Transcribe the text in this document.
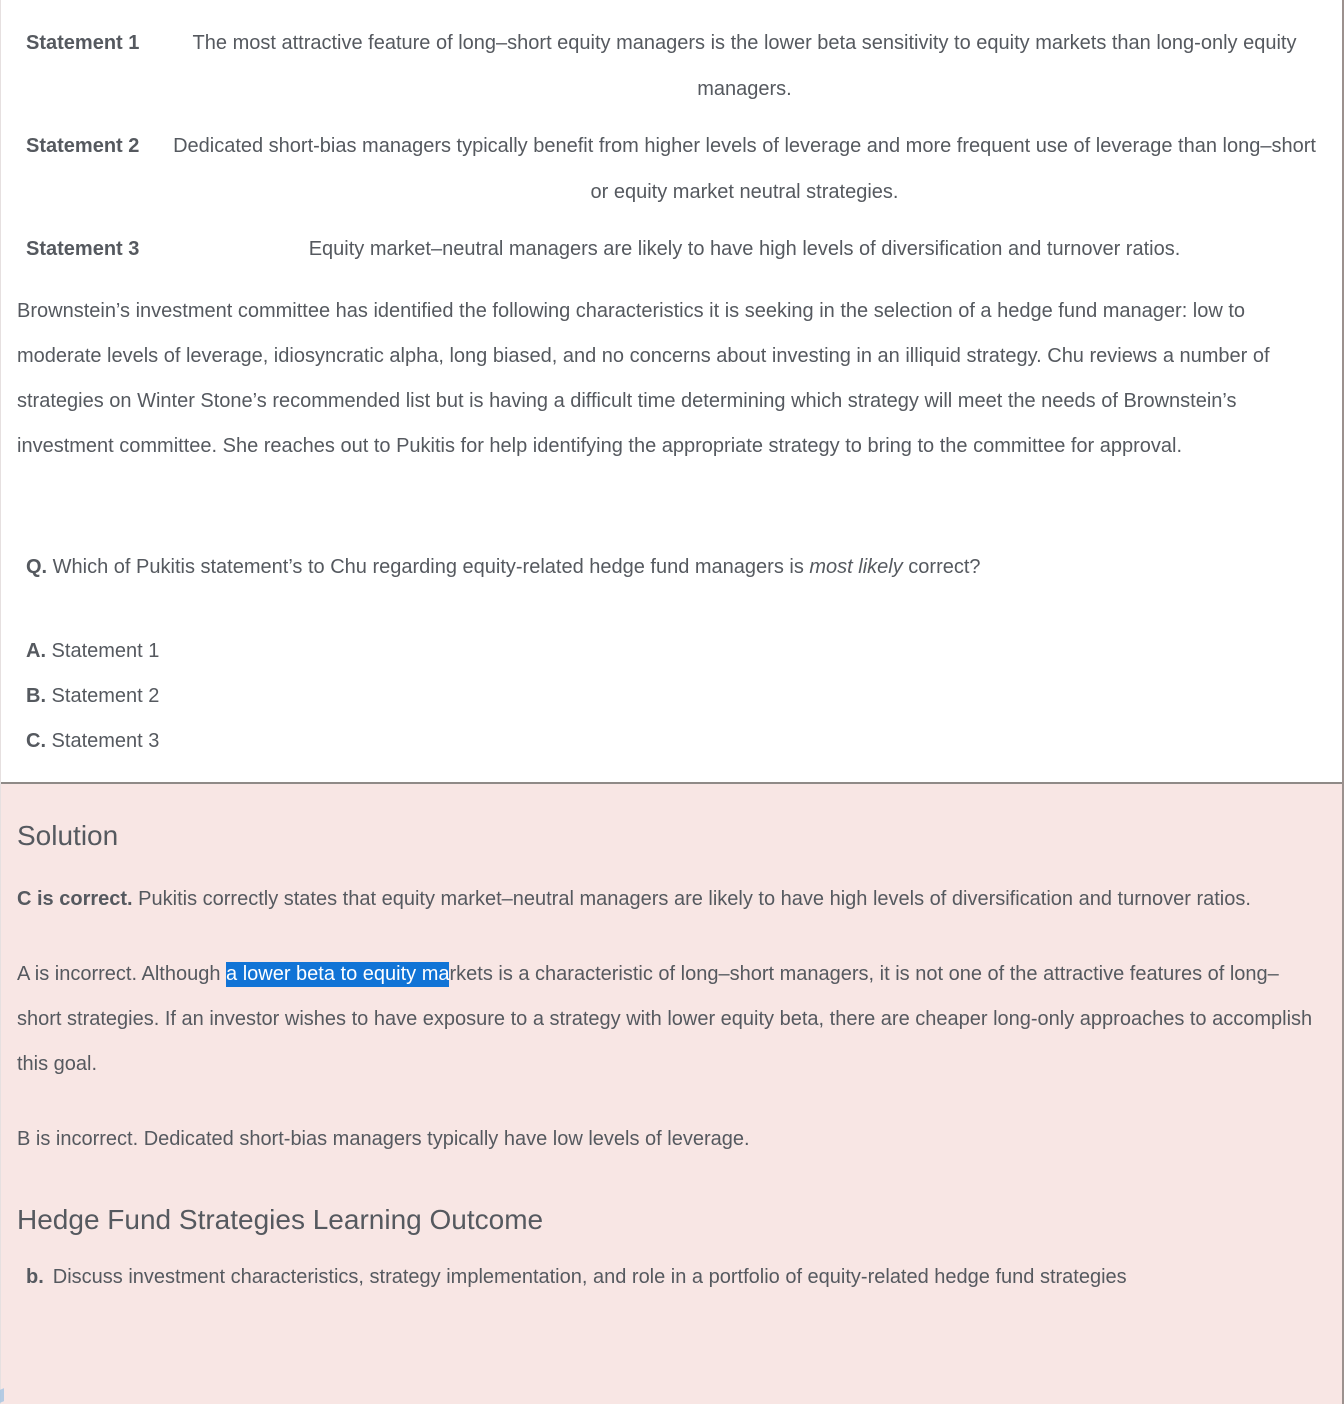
Statement 1	The most attractive feature of long–short equity managers is the lower beta sensitivity to equity markets than long-only equity managers.
Statement 2	Dedicated short-bias managers typically benefit from higher levels of leverage and more frequent use of leverage than long–short or equity market neutral strategies.
Statement 3	Equity market–neutral managers are likely to have high levels of diversification and turnover ratios.

Brownstein’s investment committee has identified the following characteristics it is seeking in the selection of a hedge fund manager: low to moderate levels of leverage, idiosyncratic alpha, long biased, and no concerns about investing in an illiquid strategy. Chu reviews a number of strategies on Winter Stone’s recommended list but is having a difficult time determining which strategy will meet the needs of Brownstein’s investment committee. She reaches out to Pukitis for help identifying the appropriate strategy to bring to the committee for approval.

Q. Which of Pukitis statement’s to Chu regarding equity-related hedge fund managers is most likely correct?

A. Statement 1
B. Statement 2
C. Statement 3
Solution

C is correct. Pukitis correctly states that equity market–neutral managers are likely to have high levels of diversification and turnover ratios.

A is incorrect. Although a lower beta to equity markets is a characteristic of long–short managers, it is not one of the attractive features of long–short strategies. If an investor wishes to have exposure to a strategy with lower equity beta, there are cheaper long-only approaches to accomplish this goal.

B is incorrect. Dedicated short-bias managers typically have low levels of leverage.

Hedge Fund Strategies Learning Outcome
b. Discuss investment characteristics, strategy implementation, and role in a portfolio of equity-related hedge fund strategies
